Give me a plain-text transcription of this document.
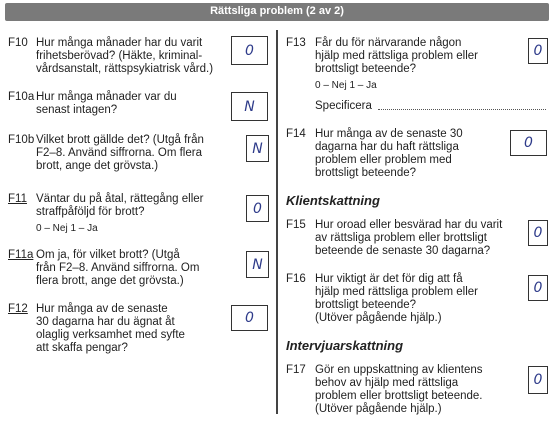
Rättsliga problem (2 av 2)
F10 Hur många månader har du varit
frihetsberövad? (Häkte, kriminal-
vårdsanstalt, rättspsykiatrisk vård.)
0
F10a Hur många månader var du
senast intagen?	N
F10b Vilket brott gällde det? (Utgå från
F2–8. Använd siffrorna. Om flera
brott, ange det grövsta.)
N
F11 Väntar du på åtal, rättegång eller
straffpåföljd för brott?
0 – Nej 1 – Ja
0
F11a Om ja, för vilket brott? (Utgå
från F2–8. Använd siffrorna. Om
flera brott, ange det grövsta.)
N
F12 Hur många av de senaste
30 dagarna har du ägnat åt
olaglig verksamhet med syfte
att skaffa pengar?
0
F13 Får du för närvarande någon
hjälp med rättsliga problem eller
brottsligt beteende?
0 – Nej 1 – Ja
0
Specificera
F14 Hur många av de senaste 30
dagarna har du haft rättsliga
problem eller problem med
brottsligt beteende?
0
Klientskattning
F15 Hur oroad eller besvärad har du varit
av rättsliga problem eller brottsligt
beteende de senaste 30 dagarna?
0
F16 Hur viktigt är det för dig att få
hjälp med rättsliga problem eller
brottsligt beteende?
(Utöver pågående hjälp.)
0
Intervjuarskattning
F17 Gör en uppskattning av klientens
behov av hjälp med rättsliga
problem eller brottsligt beteende.
(Utöver pågående hjälp.)
0
